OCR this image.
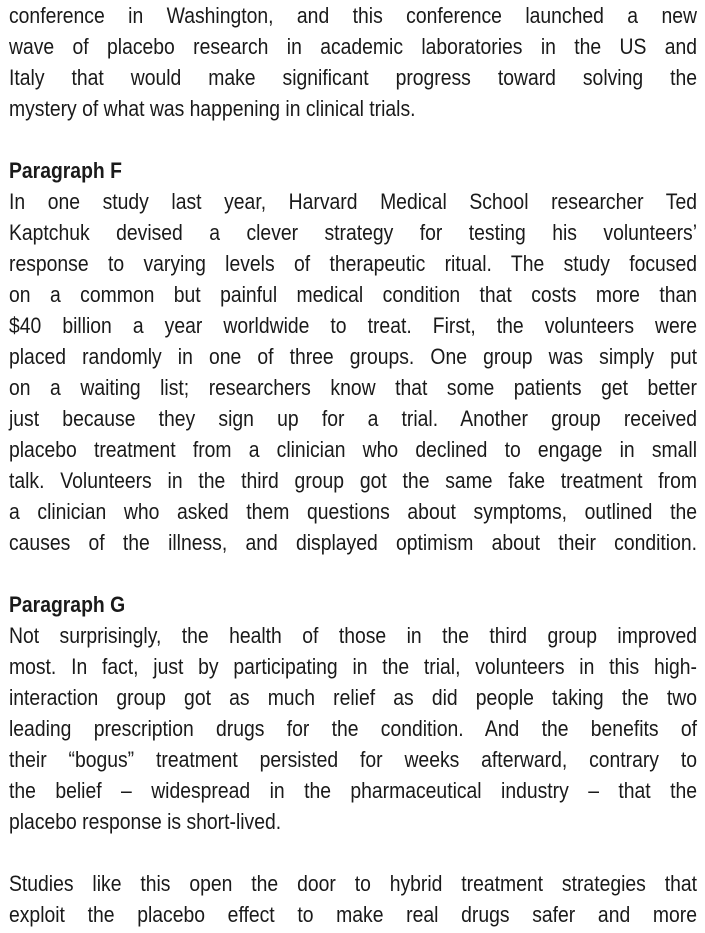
conference in Washington, and this conference launched a new
wave of placebo research in academic laboratories in the US and
Italy that would make significant progress toward solving the
mystery of what was happening in clinical trials.
Paragraph F
In one study last year, Harvard Medical School researcher Ted
Kaptchuk devised a clever strategy for testing his volunteers’
response to varying levels of therapeutic ritual. The study focused
on a common but painful medical condition that costs more than
$40 billion a year worldwide to treat. First, the volunteers were
placed randomly in one of three groups. One group was simply put
on a waiting list; researchers know that some patients get better
just because they sign up for a trial. Another group received
placebo treatment from a clinician who declined to engage in small
talk. Volunteers in the third group got the same fake treatment from
a clinician who asked them questions about symptoms, outlined the
causes of the illness, and displayed optimism about their condition.
Paragraph G
Not surprisingly, the health of those in the third group improved
most. In fact, just by participating in the trial, volunteers in this high-
interaction group got as much relief as did people taking the two
leading prescription drugs for the condition. And the benefits of
their “bogus” treatment persisted for weeks afterward, contrary to
the belief – widespread in the pharmaceutical industry – that the
placebo response is short-lived.
Studies like this open the door to hybrid treatment strategies that
exploit the placebo effect to make real drugs safer and more
